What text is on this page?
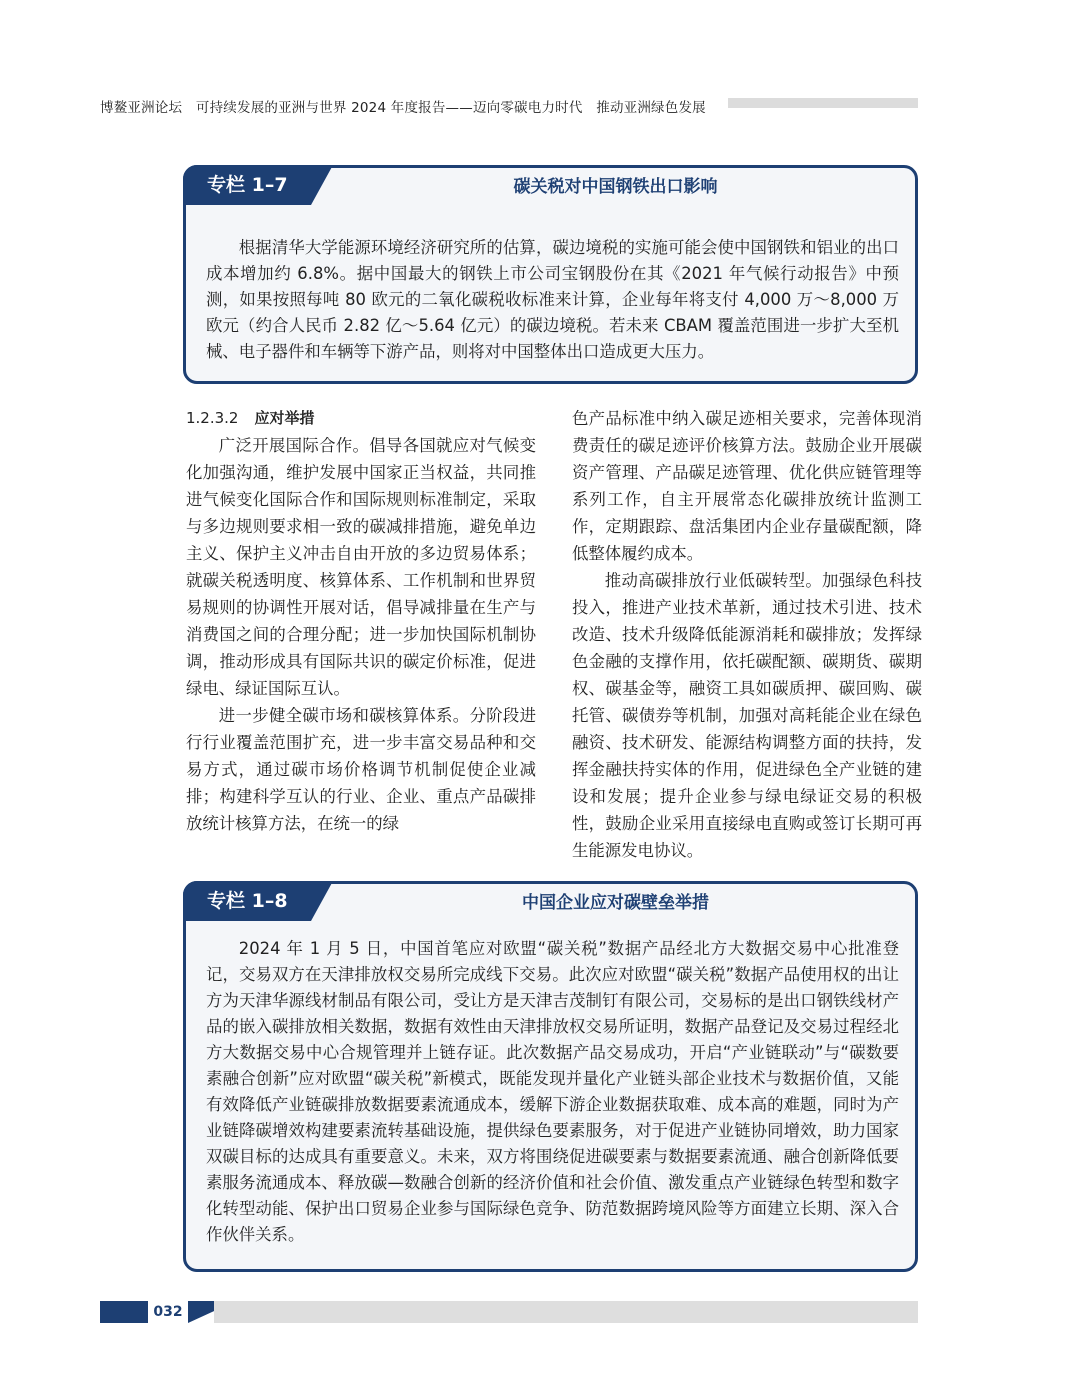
博鳌亚洲论坛　可持续发展的亚洲与世界 2024 年度报告——迈向零碳电力时代　推动亚洲绿色发展
专栏 1–7	碳关税对中国钢铁出口影响

根据清华大学能源环境经济研究所的估算，碳边境税的实施可能会使中国钢铁和铝业的出口成本增加约 6.8%。据中国最大的钢铁上市公司宝钢股份在其《2021 年气候行动报告》中预测，如果按照每吨 80 欧元的二氧化碳税收标准来计算，企业每年将支付 4,000 万～8,000 万欧元（约合人民币 2.82 亿～5.64 亿元）的碳边境税。若未来 CBAM 覆盖范围进一步扩大至机械、电子器件和车辆等下游产品，则将对中国整体出口造成更大压力。

1.2.3.2 应对举措

广泛开展国际合作。倡导各国就应对气候变化加强沟通，维护发展中国家正当权益，共同推进气候变化国际合作和国际规则标准制定，采取与多边规则要求相一致的碳减排措施，避免单边主义、保护主义冲击自由开放的多边贸易体系；就碳关税透明度、核算体系、工作机制和世界贸易规则的协调性开展对话，倡导减排量在生产与消费国之间的合理分配；进一步加快国际机制协调，推动形成具有国际共识的碳定价标准，促进绿电、绿证国际互认。

进一步健全碳市场和碳核算体系。分阶段进行行业覆盖范围扩充，进一步丰富交易品种和交易方式，通过碳市场价格调节机制促使企业减排；构建科学互认的行业、企业、重点产品碳排放统计核算方法，在统一的绿

色产品标准中纳入碳足迹相关要求，完善体现消费责任的碳足迹评价核算方法。鼓励企业开展碳资产管理、产品碳足迹管理、优化供应链管理等系列工作，自主开展常态化碳排放统计监测工作，定期跟踪、盘活集团内企业存量碳配额，降低整体履约成本。

推动高碳排放行业低碳转型。加强绿色科技投入，推进产业技术革新，通过技术引进、技术改造、技术升级降低能源消耗和碳排放；发挥绿色金融的支撑作用，依托碳配额、碳期货、碳期权、碳基金等，融资工具如碳质押、碳回购、碳托管、碳债券等机制，加强对高耗能企业在绿色融资、技术研发、能源结构调整方面的扶持，发挥金融扶持实体的作用，促进绿色全产业链的建设和发展；提升企业参与绿电绿证交易的积极性，鼓励企业采用直接绿电直购或签订长期可再生能源发电协议。

专栏 1–8	中国企业应对碳壁垒举措

2024 年 1 月 5 日，中国首笔应对欧盟“碳关税”数据产品经北方大数据交易中心批准登记，交易双方在天津排放权交易所完成线下交易。此次应对欧盟“碳关税”数据产品使用权的出让方为天津华源线材制品有限公司，受让方是天津吉茂制钉有限公司，交易标的是出口钢铁线材产品的嵌入碳排放相关数据，数据有效性由天津排放权交易所证明，数据产品登记及交易过程经北方大数据交易中心合规管理并上链存证。此次数据产品交易成功，开启“产业链联动”与“碳数要素融合创新”应对欧盟“碳关税”新模式，既能发现并量化产业链头部企业技术与数据价值，又能有效降低产业链碳排放数据要素流通成本，缓解下游企业数据获取难、成本高的难题，同时为产业链降碳增效构建要素流转基础设施，提供绿色要素服务，对于促进产业链协同增效，助力国家双碳目标的达成具有重要意义。未来，双方将围绕促进碳要素与数据要素流通、融合创新降低要素服务流通成本、释放碳—数融合创新的经济价值和社会价值、激发重点产业链绿色转型和数字化转型动能、保护出口贸易企业参与国际绿色竞争、防范数据跨境风险等方面建立长期、深入合作伙伴关系。

032
